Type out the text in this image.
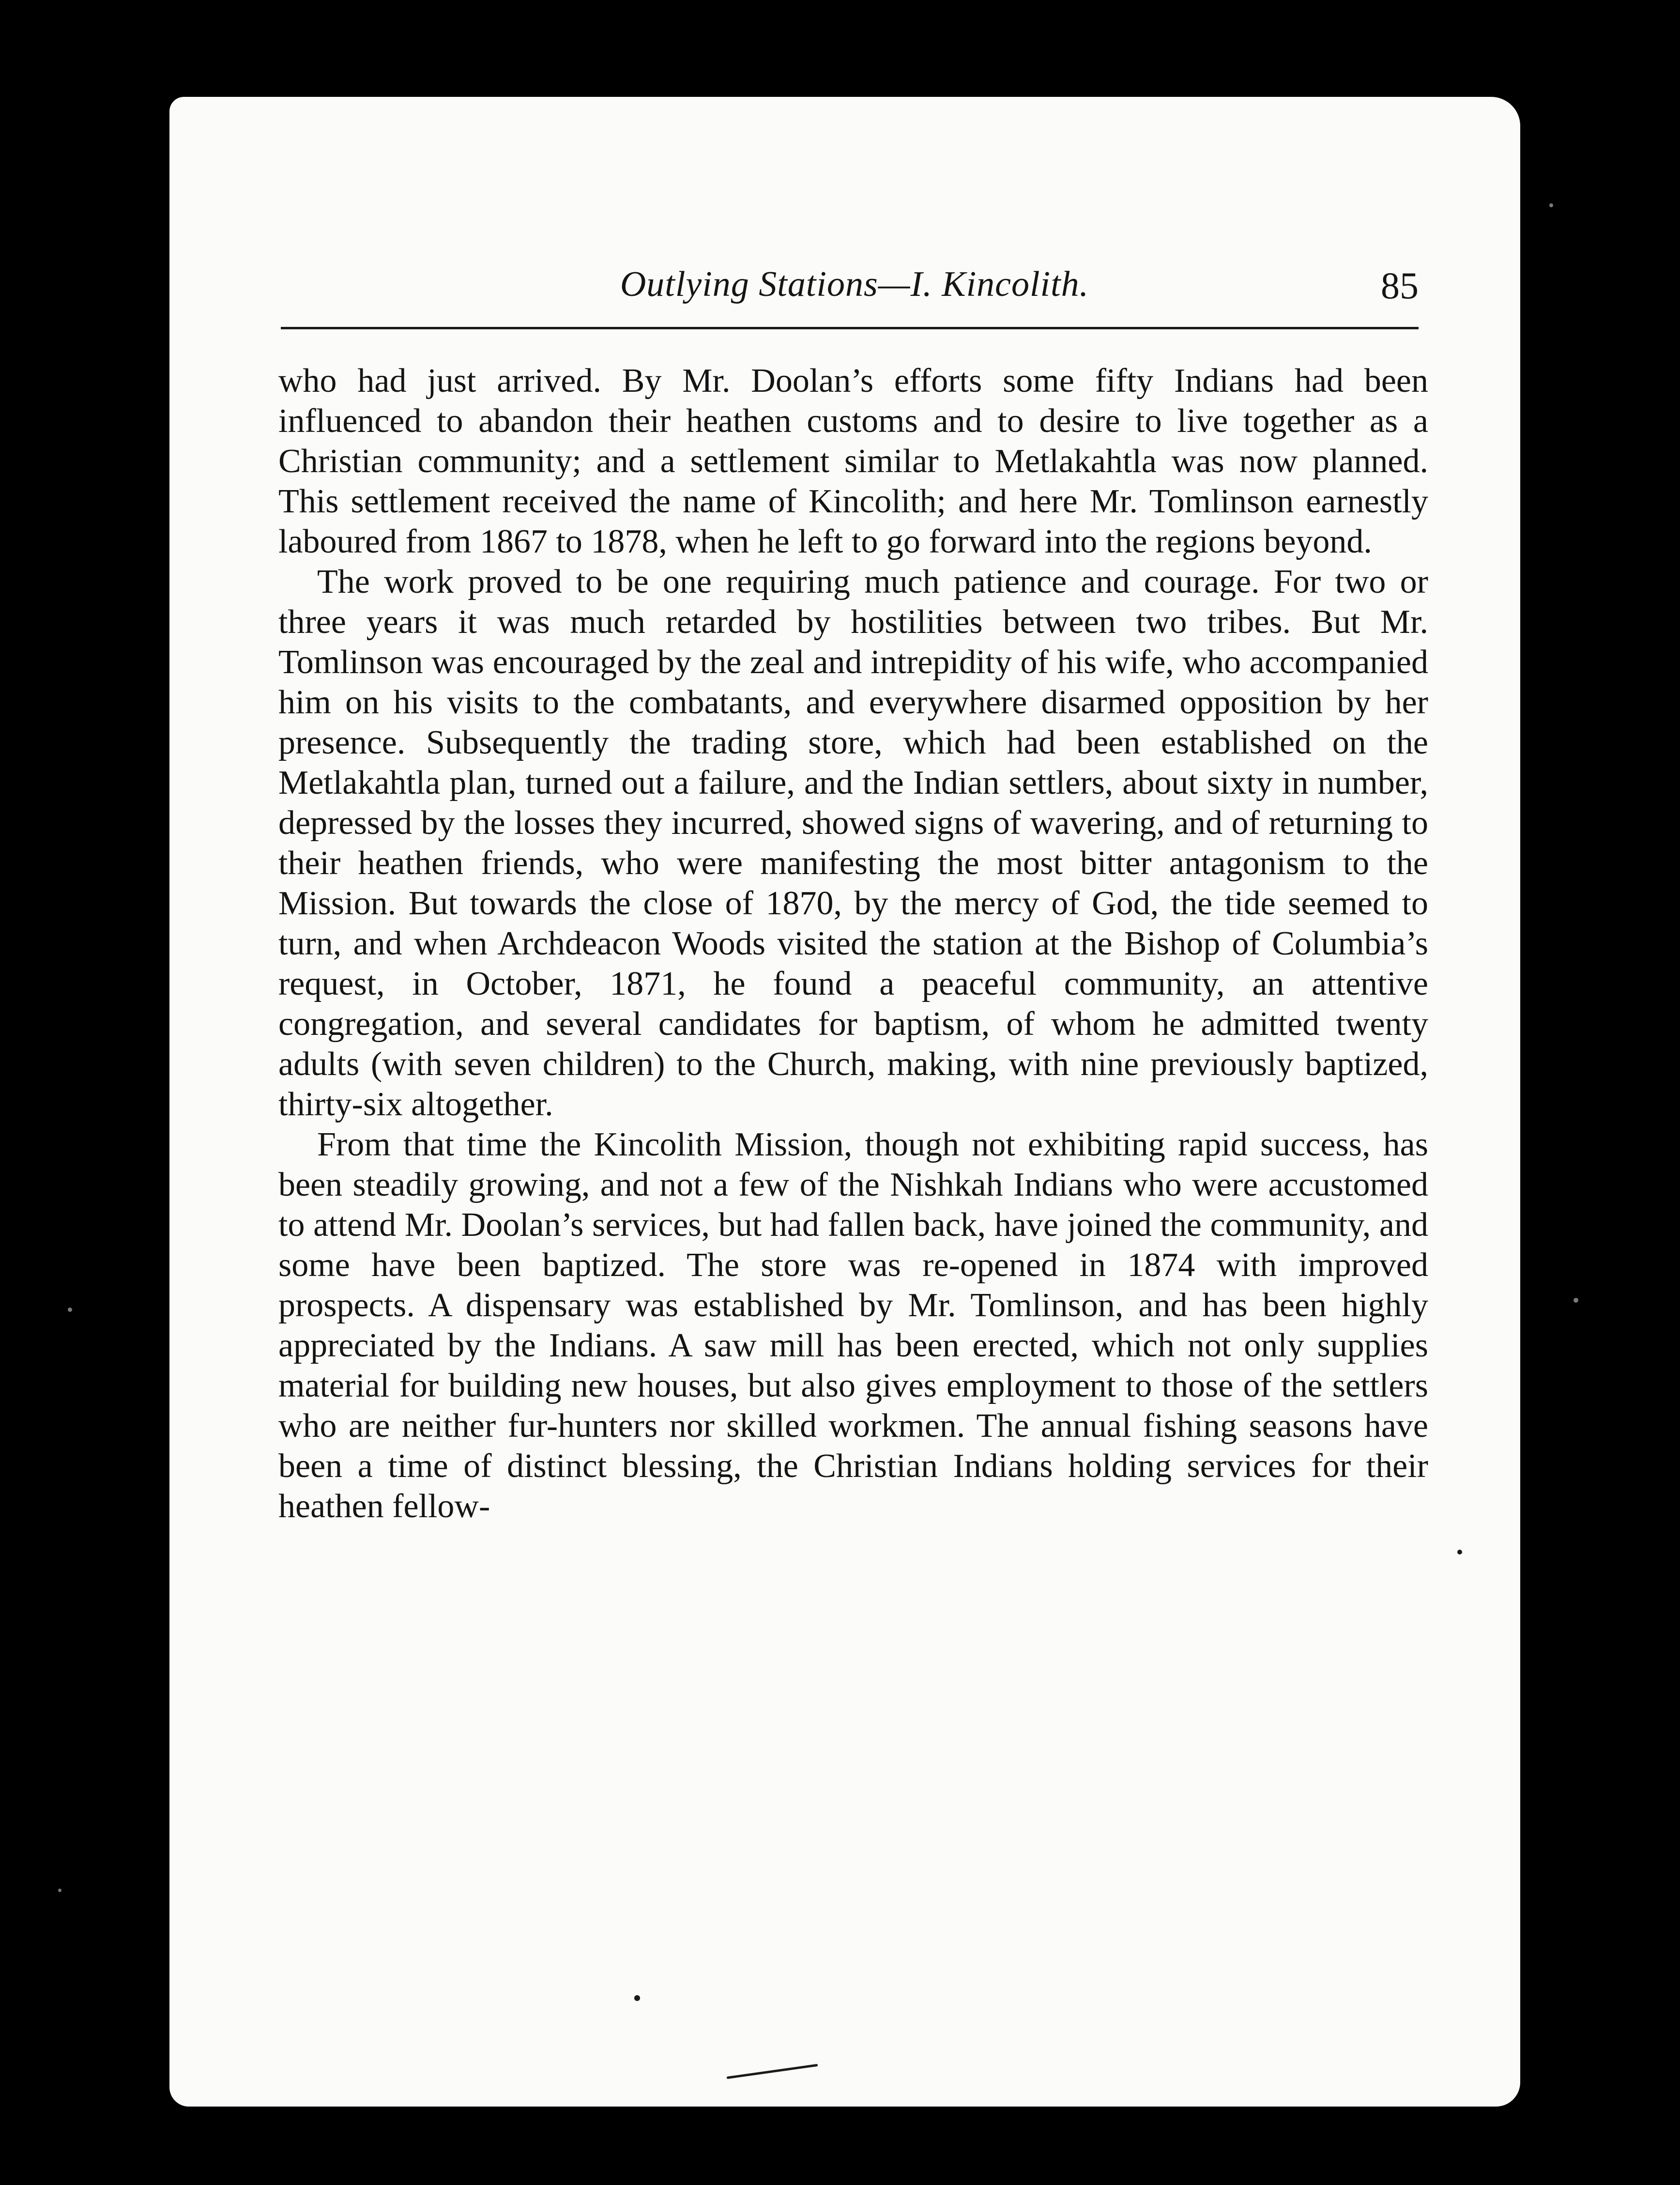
Outlying Stations—I. Kincolith.	85

who had just arrived. By Mr. Doolan’s efforts some fifty Indians had been influenced to abandon their heathen customs and to desire to live together as a Christian community; and a settlement similar to Metlakahtla was now planned. This settlement received the name of Kincolith; and here Mr. Tomlinson earnestly laboured from 1867 to 1878, when he left to go forward into the regions beyond.

The work proved to be one requiring much patience and courage. For two or three years it was much retarded by hostilities between two tribes. But Mr. Tomlinson was encouraged by the zeal and intrepidity of his wife, who accompanied him on his visits to the combatants, and everywhere disarmed opposition by her presence. Subsequently the trading store, which had been established on the Metlakahtla plan, turned out a failure, and the Indian settlers, about sixty in number, depressed by the losses they incurred, showed signs of wavering, and of returning to their heathen friends, who were manifesting the most bitter antagonism to the Mission. But towards the close of 1870, by the mercy of God, the tide seemed to turn, and when Archdeacon Woods visited the station at the Bishop of Columbia’s request, in October, 1871, he found a peaceful community, an attentive congregation, and several candidates for baptism, of whom he admitted twenty adults (with seven children) to the Church, making, with nine previously baptized, thirty-six altogether.

From that time the Kincolith Mission, though not exhibiting rapid success, has been steadily growing, and not a few of the Nishkah Indians who were accustomed to attend Mr. Doolan’s services, but had fallen back, have joined the community, and some have been baptized. The store was re-opened in 1874 with improved prospects. A dispensary was established by Mr. Tomlinson, and has been highly appreciated by the Indians. A saw mill has been erected, which not only supplies material for building new houses, but also gives employment to those of the settlers who are neither fur-hunters nor skilled workmen. The annual fishing seasons have been a time of distinct blessing, the Christian Indians holding services for their heathen fellow-
